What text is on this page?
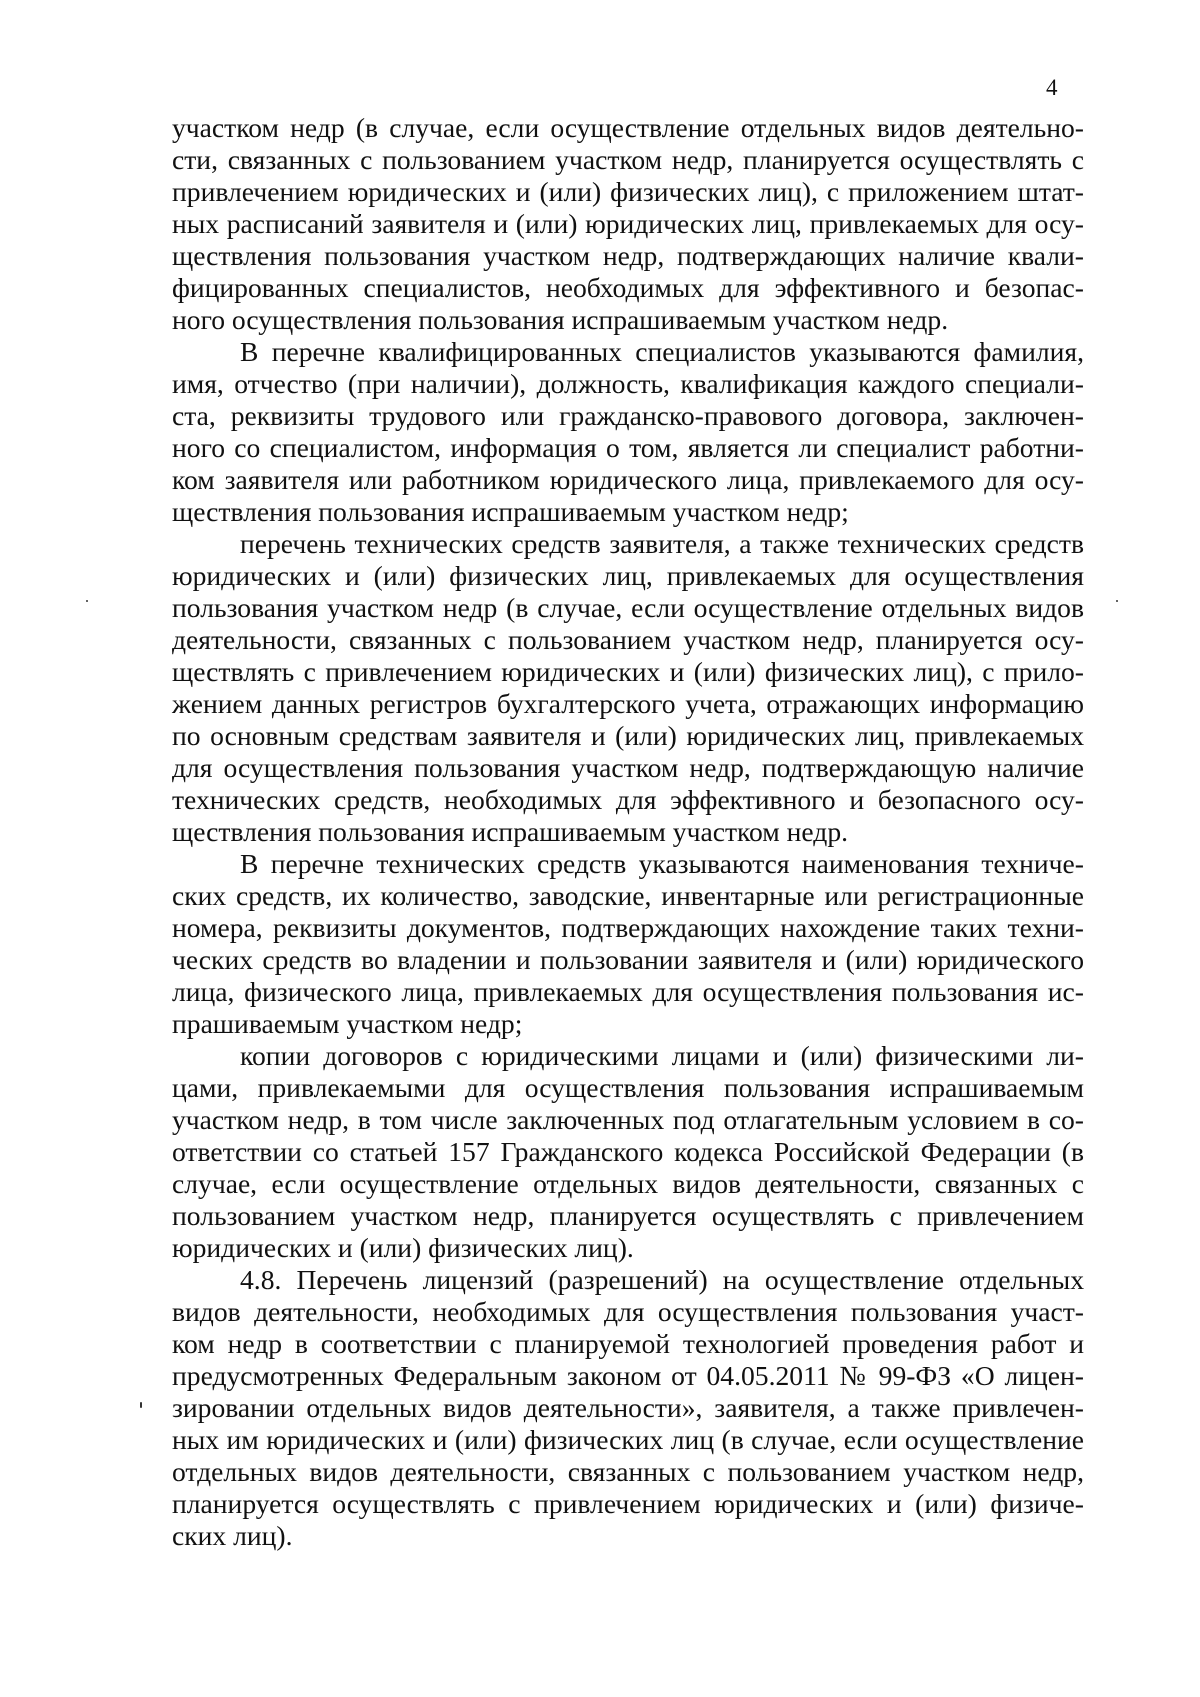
4

участком недр (в случае, если осуществление отдельных видов деятельно-
сти, связанных с пользованием участком недр, планируется осуществлять с
привлечением юридических и (или) физических лиц), с приложением штат-
ных расписаний заявителя и (или) юридических лиц, привлекаемых для осу-
ществления пользования участком недр, подтверждающих наличие квали-
фицированных специалистов, необходимых для эффективного и безопас-
ного осуществления пользования испрашиваемым участком недр.

В перечне квалифицированных специалистов указываются фамилия,
имя, отчество (при наличии), должность, квалификация каждого специали-
ста, реквизиты трудового или гражданско-правового договора, заключен-
ного со специалистом, информация о том, является ли специалист работни-
ком заявителя или работником юридического лица, привлекаемого для осу-
ществления пользования испрашиваемым участком недр;

перечень технических средств заявителя, а также технических средств
юридических и (или) физических лиц, привлекаемых для осуществления
пользования участком недр (в случае, если осуществление отдельных видов
деятельности, связанных с пользованием участком недр, планируется осу-
ществлять с привлечением юридических и (или) физических лиц), с прило-
жением данных регистров бухгалтерского учета, отражающих информацию
по основным средствам заявителя и (или) юридических лиц, привлекаемых
для осуществления пользования участком недр, подтверждающую наличие
технических средств, необходимых для эффективного и безопасного осу-
ществления пользования испрашиваемым участком недр.

В перечне технических средств указываются наименования техниче-
ских средств, их количество, заводские, инвентарные или регистрационные
номера, реквизиты документов, подтверждающих нахождение таких техни-
ческих средств во владении и пользовании заявителя и (или) юридического
лица, физического лица, привлекаемых для осуществления пользования ис-
прашиваемым участком недр;

копии договоров с юридическими лицами и (или) физическими ли-
цами, привлекаемыми для осуществления пользования испрашиваемым
участком недр, в том числе заключенных под отлагательным условием в со-
ответствии со статьей 157 Гражданского кодекса Российской Федерации (в
случае, если осуществление отдельных видов деятельности, связанных с
пользованием участком недр, планируется осуществлять с привлечением
юридических и (или) физических лиц).

4.8. Перечень лицензий (разрешений) на осуществление отдельных
видов деятельности, необходимых для осуществления пользования участ-
ком недр в соответствии с планируемой технологией проведения работ и
предусмотренных Федеральным законом от 04.05.2011 № 99-ФЗ «О лицен-
зировании отдельных видов деятельности», заявителя, а также привлечен-
ных им юридических и (или) физических лиц (в случае, если осуществление
отдельных видов деятельности, связанных с пользованием участком недр,
планируется осуществлять с привлечением юридических и (или) физиче-
ских лиц).
